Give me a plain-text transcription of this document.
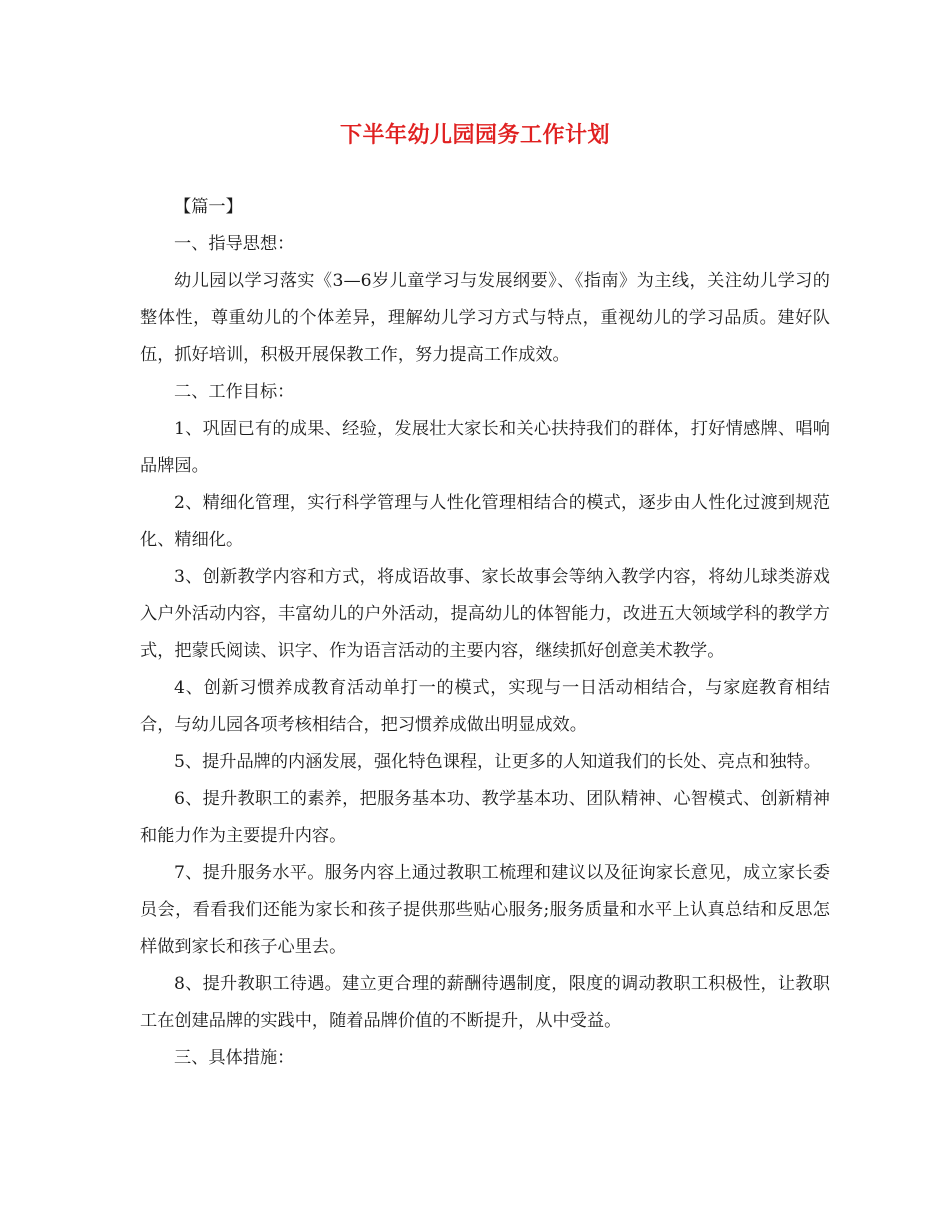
下半年幼儿园园务工作计划

【篇一】

一、指导思想：

幼儿园以学习落实《3—6岁儿童学习与发展纲要》、《指南》为主线，关注幼儿学习的整体性，尊重幼儿的个体差异，理解幼儿学习方式与特点，重视幼儿的学习品质。建好队伍，抓好培训，积极开展保教工作，努力提高工作成效。

二、工作目标：

1、巩固已有的成果、经验，发展壮大家长和关心扶持我们的群体，打好情感牌、唱响品牌园。

2、精细化管理，实行科学管理与人性化管理相结合的模式，逐步由人性化过渡到规范化、精细化。

3、创新教学内容和方式，将成语故事、家长故事会等纳入教学内容，将幼儿球类游戏入户外活动内容，丰富幼儿的户外活动，提高幼儿的体智能力，改进五大领域学科的教学方式，把蒙氏阅读、识字、作为语言活动的主要内容，继续抓好创意美术教学。

4、创新习惯养成教育活动单打一的模式，实现与一日活动相结合，与家庭教育相结合，与幼儿园各项考核相结合，把习惯养成做出明显成效。

5、提升品牌的内涵发展，强化特色课程，让更多的人知道我们的长处、亮点和独特。

6、提升教职工的素养，把服务基本功、教学基本功、团队精神、心智模式、创新精神和能力作为主要提升内容。

7、提升服务水平。服务内容上通过教职工梳理和建议以及征询家长意见，成立家长委员会，看看我们还能为家长和孩子提供那些贴心服务;服务质量和水平上认真总结和反思怎样做到家长和孩子心里去。

8、提升教职工待遇。建立更合理的薪酬待遇制度，限度的调动教职工积极性，让教职工在创建品牌的实践中，随着品牌价值的不断提升，从中受益。

三、具体措施：
